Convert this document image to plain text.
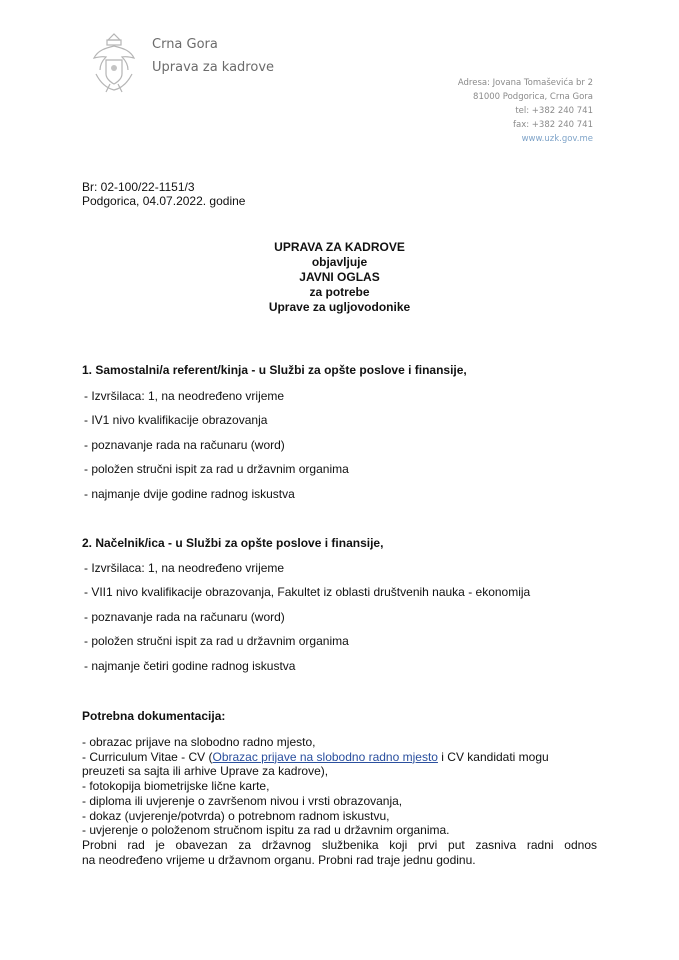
Crna Gora
Uprava za kadrove
Adresa: Jovana Tomaševića br 2
81000 Podgorica, Crna Gora
tel: +382 240 741
fax: +382 240 741
www.uzk.gov.me
Br: 02-100/22-1151/3
Podgorica, 04.07.2022. godine
UPRAVA ZA KADROVE
objavljuje
JAVNI OGLAS
za potrebe
Uprave za ugljovodonike
1. Samostalni/a referent/kinja - u Službi za opšte poslove i finansije,
- Izvršilaca: 1, na neodređeno vrijeme
- IV1 nivo kvalifikacije obrazovanja
- poznavanje rada na računaru (word)
- položen stručni ispit za rad u državnim organima
- najmanje dvije godine radnog iskustva
2. Načelnik/ica - u Službi za opšte poslove i finansije,
- Izvršilaca: 1, na neodređeno vrijeme
- VII1 nivo kvalifikacije obrazovanja, Fakultet iz oblasti društvenih nauka - ekonomija
- poznavanje rada na računaru (word)
- položen stručni ispit za rad u državnim organima
- najmanje četiri godine radnog iskustva
Potrebna dokumentacija:
- obrazac prijave na slobodno radno mjesto,
- Curriculum Vitae - CV (Obrazac prijave na slobodno radno mjesto i CV kandidati mogu
preuzeti sa sajta ili arhive Uprave za kadrove),
- fotokopija biometrijske lične karte,
- diploma ili uvjerenje o završenom nivou i vrsti obrazovanja,
- dokaz (uvjerenje/potvrda) o potrebnom radnom iskustvu,
- uvjerenje o položenom stručnom ispitu za rad u državnim organima.
Probni rad je obavezan za državnog službenika koji prvi put zasniva radni odnos
na neodređeno vrijeme u državnom organu. Probni rad traje jednu godinu.
